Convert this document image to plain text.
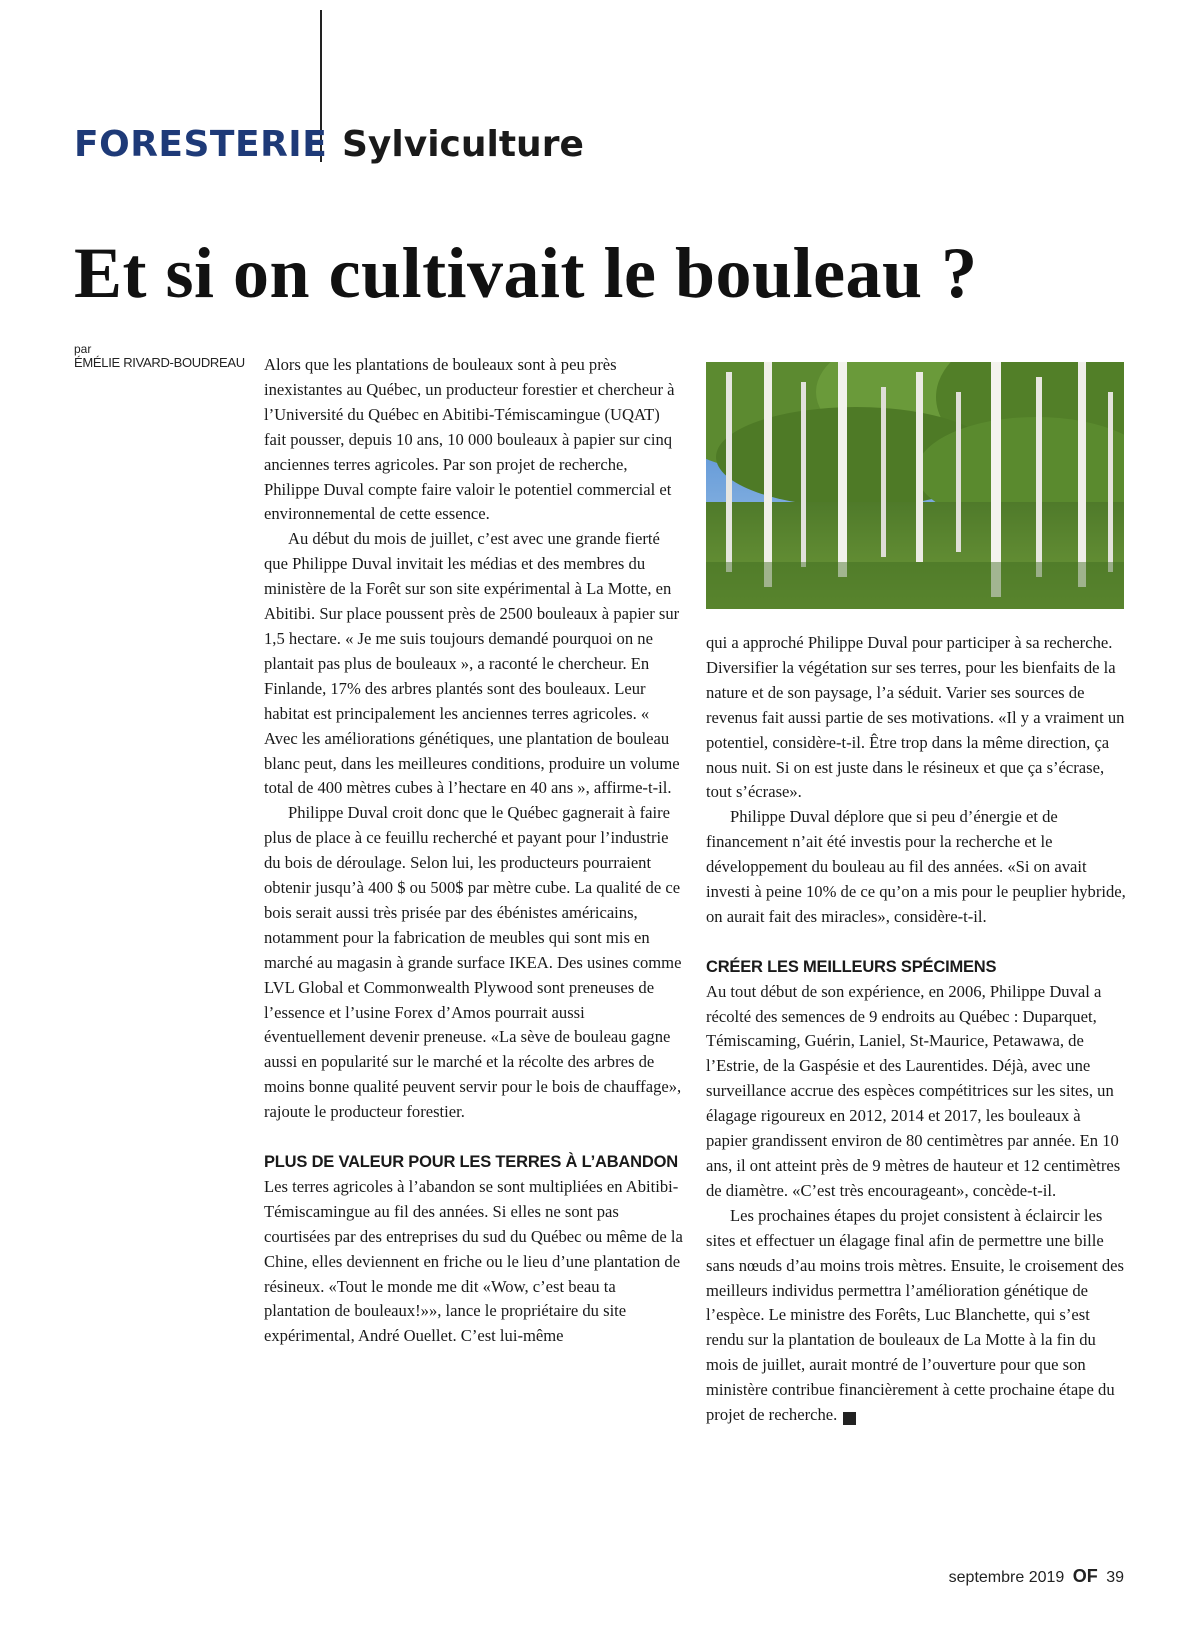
FORESTERIE Sylviculture
Et si on cultivait le bouleau ?
par
ÉMÉLIE RIVARD-BOUDREAU	Alors que les plantations de bouleaux sont à peu près inexistantes au Québec, un producteur forestier et chercheur à l’Université du Québec en Abitibi-Témiscamingue (UQAT) fait pousser, depuis 10 ans, 10 000 bouleaux à papier sur cinq anciennes terres agricoles. Par son projet de recherche, Philippe Duval compte faire valoir le potentiel commercial et environnemental de cette essence.

Au début du mois de juillet, c’est avec une grande fierté que Philippe Duval invitait les médias et des membres du ministère de la Forêt sur son site expérimental à La Motte, en Abitibi. Sur place poussent près de 2500 bouleaux à papier sur 1,5 hectare. « Je me suis toujours demandé pourquoi on ne plantait pas plus de bouleaux », a raconté le chercheur. En Finlande, 17% des arbres plantés sont des bouleaux. Leur habitat est principalement les anciennes terres agricoles. « Avec les améliorations génétiques, une plantation de bouleau blanc peut, dans les meilleures conditions, produire un volume total de 400 mètres cubes à l’hectare en 40 ans », affirme-t-il.

Philippe Duval croit donc que le Québec gagnerait à faire plus de place à ce feuillu recherché et payant pour l’industrie du bois de déroulage. Selon lui, les producteurs pourraient obtenir jusqu’à 400 $ ou 500$ par mètre cube. La qualité de ce bois serait aussi très prisée par des ébénistes américains, notamment pour la fabrication de meubles qui sont mis en marché au magasin à grande surface IKEA. Des usines comme LVL Global et Commonwealth Plywood sont preneuses de l’essence et l’usine Forex d’Amos pourrait aussi éventuellement devenir preneuse. «La sève de bouleau gagne aussi en popularité sur le marché et la récolte des arbres de moins bonne qualité peuvent servir pour le bois de chauffage», rajoute le producteur forestier.

PLUS DE VALEUR POUR LES TERRES À L’ABANDON

Les terres agricoles à l’abandon se sont multipliées en Abitibi-Témiscamingue au fil des années. Si elles ne sont pas courtisées par des entreprises du sud du Québec ou même de la Chine, elles deviennent en friche ou le lieu d’une plantation de résineux. «Tout le monde me dit «Wow, c’est beau ta plantation de bouleaux!»», lance le propriétaire du site expérimental, André Ouellet. C’est lui-même

qui a approché Philippe Duval pour participer à sa recherche. Diversifier la végétation sur ses terres, pour les bienfaits de la nature et de son paysage, l’a séduit. Varier ses sources de revenus fait aussi partie de ses motivations. «Il y a vraiment un potentiel, considère-t-il. Être trop dans la même direction, ça nous nuit. Si on est juste dans le résineux et que ça s’écrase, tout s’écrase».

Philippe Duval déplore que si peu d’énergie et de financement n’ait été investis pour la recherche et le développement du bouleau au fil des années. «Si on avait investi à peine 10% de ce qu’on a mis pour le peuplier hybride, on aurait fait des miracles», considère-t-il.

CRÉER LES MEILLEURS SPÉCIMENS

Au tout début de son expérience, en 2006, Philippe Duval a récolté des semences de 9 endroits au Québec : Duparquet, Témiscaming, Guérin, Laniel, St-Maurice, Petawawa, de l’Estrie, de la Gaspésie et des Laurentides. Déjà, avec une surveillance accrue des espèces compétitrices sur les sites, un élagage rigoureux en 2012, 2014 et 2017, les bouleaux à papier grandissent environ de 80 centimètres par année. En 10 ans, il ont atteint près de 9 mètres de hauteur et 12 centimètres de diamètre. «C’est très encourageant», concède-t-il.

Les prochaines étapes du projet consistent à éclaircir les sites et effectuer un élagage final afin de permettre une bille sans nœuds d’au moins trois mètres. Ensuite, le croisement des meilleurs individus permettra l’amélioration génétique de l’espèce. Le ministre des Forêts, Luc Blanchette, qui s’est rendu sur la plantation de bouleaux de La Motte à la fin du mois de juillet, aurait montré de l’ouverture pour que son ministère contribue financièrement à cette prochaine étape du projet de recherche.	OF

septembre 2019 OF 39
